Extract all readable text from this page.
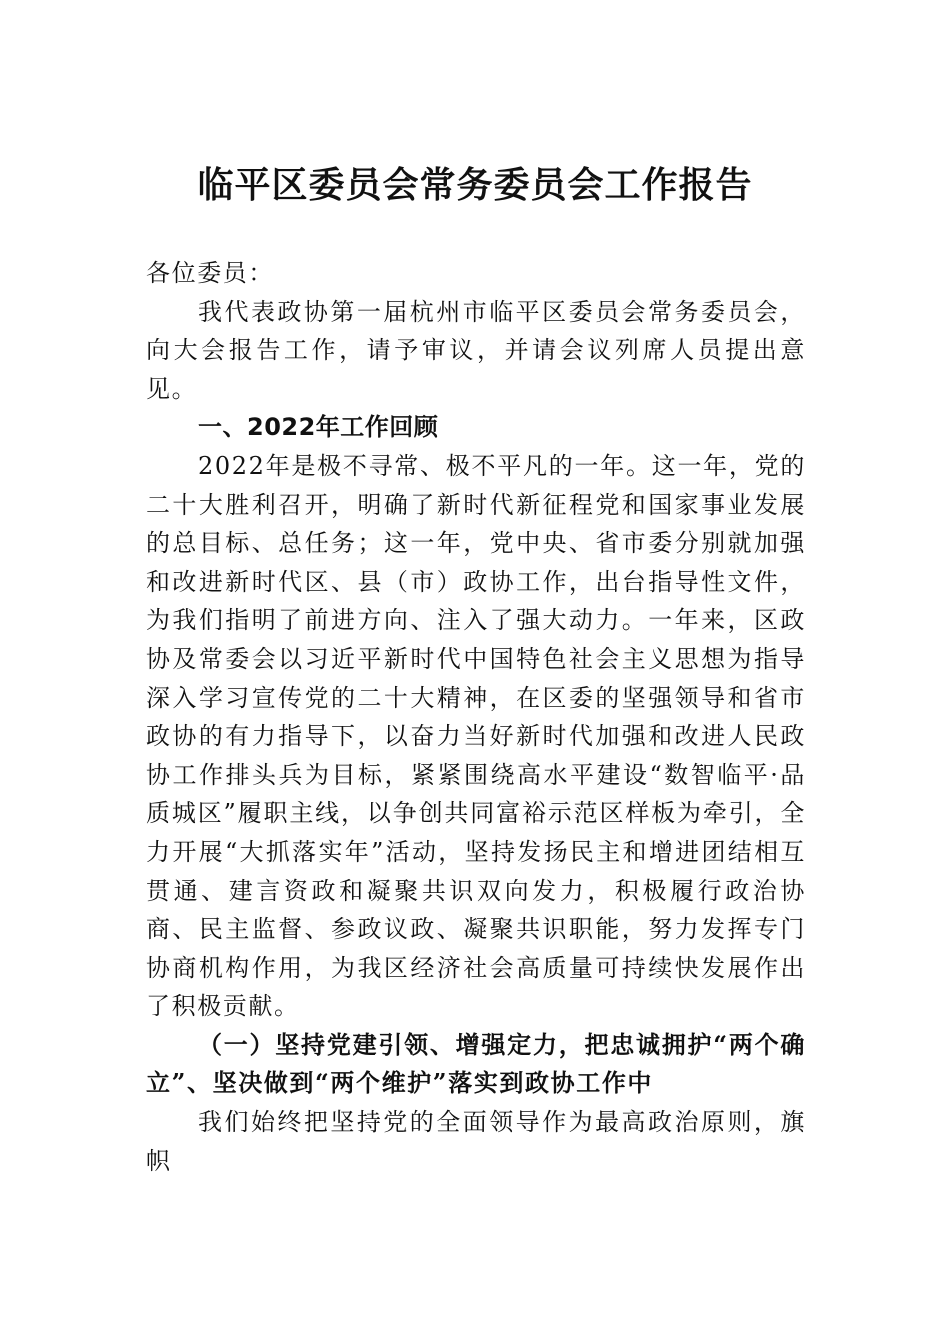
临平区委员会常务委员会工作报告

各位委员：

我代表政协第一届杭州市临平区委员会常务委员会，向大会报告工作，请予审议，并请会议列席人员提出意见。

一、2022年工作回顾

2022年是极不寻常、极不平凡的一年。这一年，党的二十大胜利召开，明确了新时代新征程党和国家事业发展的总目标、总任务；这一年，党中央、省市委分别就加强和改进新时代区、县（市）政协工作，出台指导性文件，为我们指明了前进方向、注入了强大动力。一年来，区政协及常委会以习近平新时代中国特色社会主义思想为指导深入学习宣传党的二十大精神，在区委的坚强领导和省市政协的有力指导下，以奋力当好新时代加强和改进人民政协工作排头兵为目标，紧紧围绕高水平建设“数智临平·品质城区”履职主线，以争创共同富裕示范区样板为牵引，全力开展“大抓落实年”活动，坚持发扬民主和增进团结相互贯通、建言资政和凝聚共识双向发力，积极履行政治协商、民主监督、参政议政、凝聚共识职能，努力发挥专门协商机构作用，为我区经济社会高质量可持续快发展作出了积极贡献。

（一）坚持党建引领、增强定力，把忠诚拥护“两个确立”、坚决做到“两个维护”落实到政协工作中

我们始终把坚持党的全面领导作为最高政治原则，旗帜
